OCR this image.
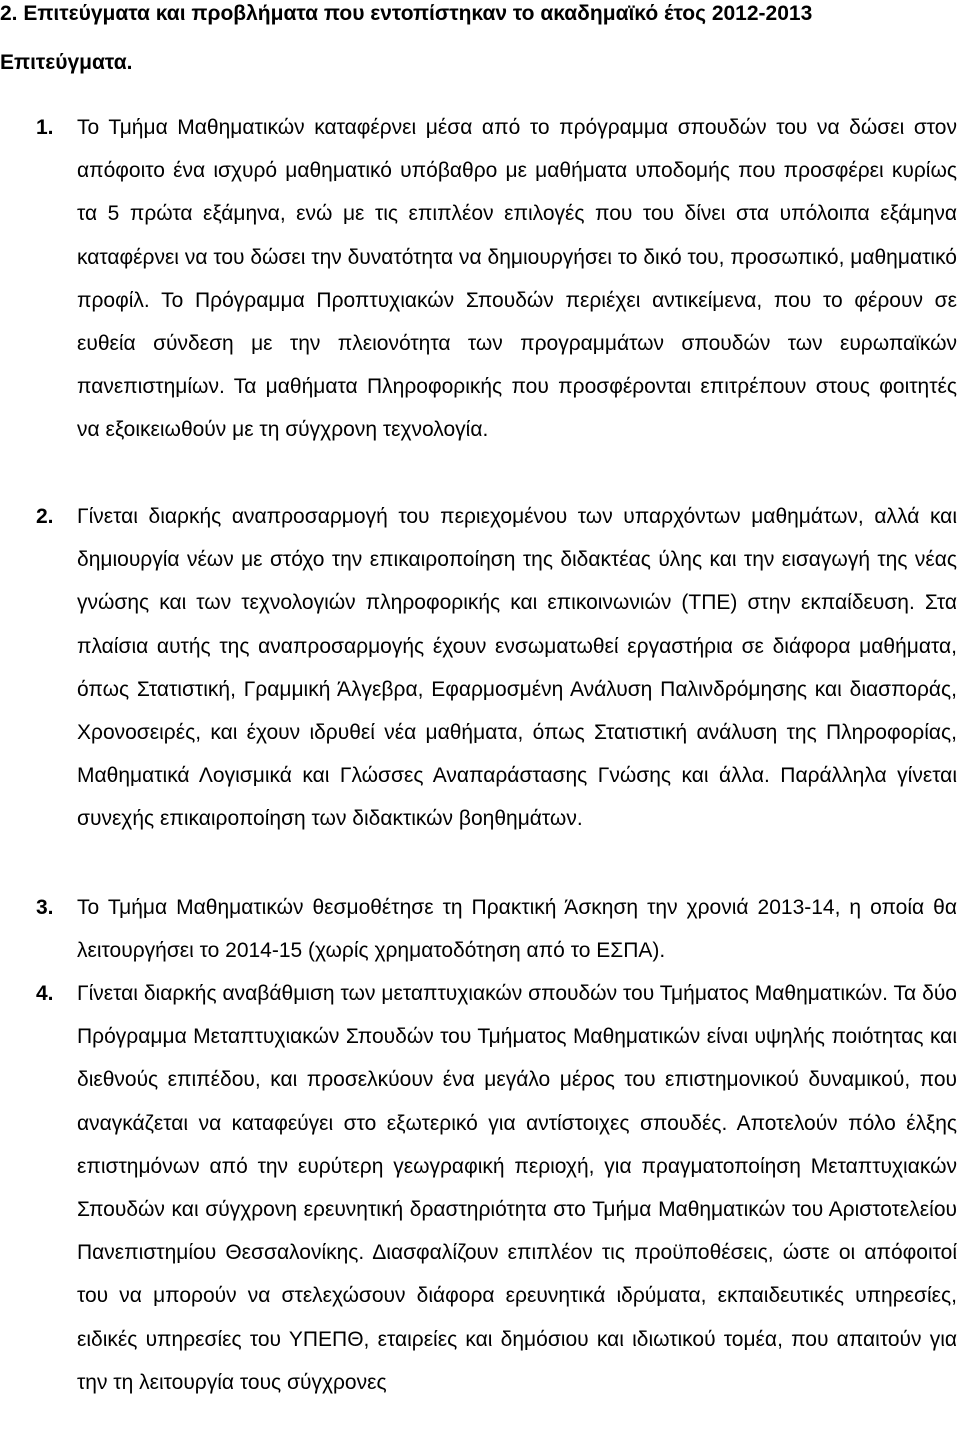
2. Επιτεύγματα και προβλήματα που εντοπίστηκαν το ακαδημαϊκό έτος 2012-2013
Επιτεύγματα.
1. Το Τμήμα Μαθηματικών καταφέρνει μέσα από το πρόγραμμα σπουδών του να δώσει στον απόφοιτο ένα ισχυρό μαθηματικό υπόβαθρο με μαθήματα υποδομής που προσφέρει κυρίως τα 5 πρώτα εξάμηνα, ενώ με τις επιπλέον επιλογές που του δίνει στα υπόλοιπα εξάμηνα καταφέρνει να του δώσει την δυνατότητα να δημιουργήσει το δικό του, προσωπικό, μαθηματικό προφίλ. Το Πρόγραμμα Προπτυχιακών Σπουδών περιέχει αντικείμενα, που το φέρουν σε ευθεία σύνδεση με την πλειονότητα των προγραμμάτων σπουδών των ευρωπαϊκών πανεπιστημίων. Τα μαθήματα Πληροφορικής που προσφέρονται επιτρέπουν στους φοιτητές να εξοικειωθούν με τη σύγχρονη τεχνολογία.
2. Γίνεται διαρκής αναπροσαρμογή του περιεχομένου των υπαρχόντων μαθημάτων, αλλά και δημιουργία νέων με στόχο την επικαιροποίηση της διδακτέας ύλης και την εισαγωγή της νέας γνώσης και των τεχνολογιών πληροφορικής και επικοινωνιών (ΤΠΕ) στην εκπαίδευση. Στα πλαίσια αυτής της αναπροσαρμογής έχουν ενσωματωθεί εργαστήρια σε διάφορα μαθήματα, όπως Στατιστική, Γραμμική Άλγεβρα, Εφαρμοσμένη Ανάλυση Παλινδρόμησης και διασποράς, Χρονοσειρές, και έχουν ιδρυθεί νέα μαθήματα, όπως Στατιστική ανάλυση της Πληροφορίας, Μαθηματικά Λογισμικά και Γλώσσες Αναπαράστασης Γνώσης και άλλα. Παράλληλα γίνεται συνεχής επικαιροποίηση των διδακτικών βοηθημάτων.
3. Το Τμήμα Μαθηματικών θεσμοθέτησε τη Πρακτική Άσκηση την χρονιά 2013-14, η οποία θα λειτουργήσει το 2014-15 (χωρίς χρηματοδότηση από το ΕΣΠΑ).
4. Γίνεται διαρκής αναβάθμιση των μεταπτυχιακών σπουδών του Τμήματος Μαθηματικών. Τα δύο Πρόγραμμα Μεταπτυχιακών Σπουδών του Τμήματος Μαθηματικών είναι υψηλής ποιότητας και διεθνούς επιπέδου, και προσελκύουν ένα μεγάλο μέρος του επιστημονικού δυναμικού, που αναγκάζεται να καταφεύγει στο εξωτερικό για αντίστοιχες σπουδές. Αποτελούν πόλο έλξης επιστημόνων από την ευρύτερη γεωγραφική περιοχή, για πραγματοποίηση Μεταπτυχιακών Σπουδών και σύγχρονη ερευνητική δραστηριότητα στο Τμήμα Μαθηματικών του Αριστοτελείου Πανεπιστημίου Θεσσαλονίκης. Διασφαλίζουν επιπλέον τις προϋποθέσεις, ώστε οι απόφοιτοί του να μπορούν να στελεχώσουν διάφορα ερευνητικά ιδρύματα, εκπαιδευτικές υπηρεσίες, ειδικές υπηρεσίες του ΥΠΕΠΘ, εταιρείες και δημόσιου και ιδιωτικού τομέα, που απαιτούν για την τη λειτουργία τους σύγχρονες
